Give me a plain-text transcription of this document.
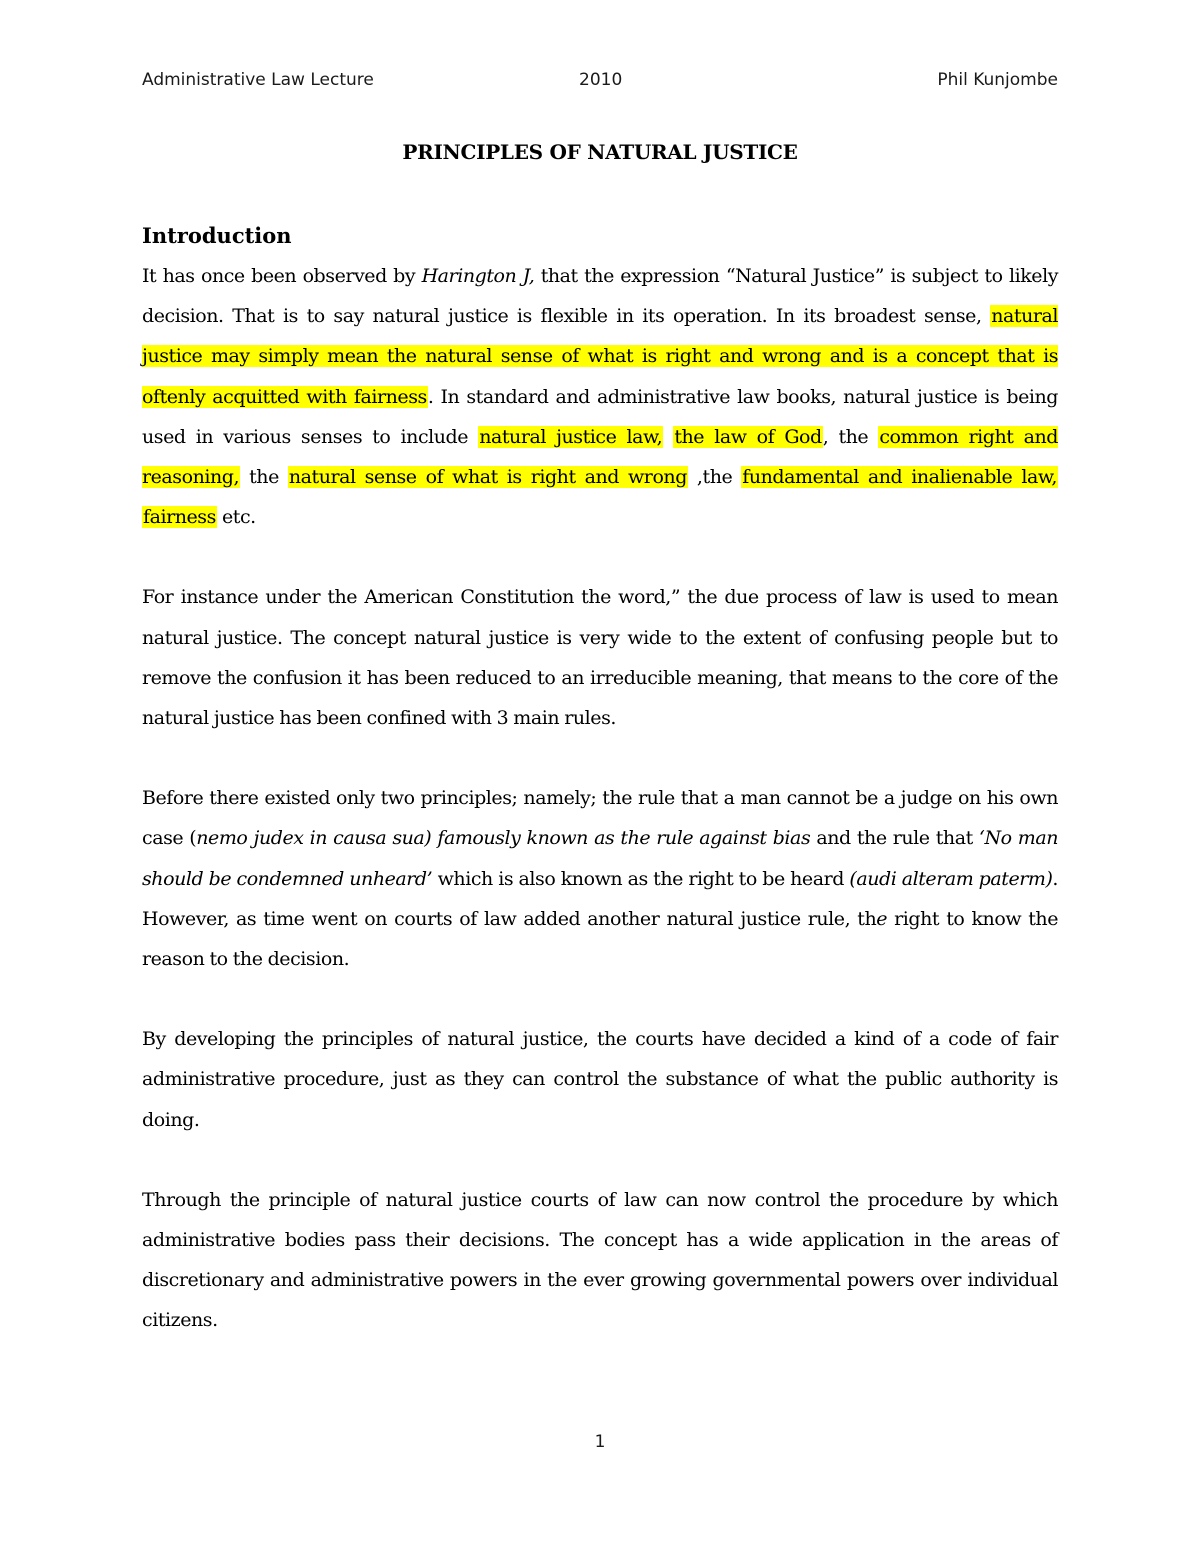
Administrative Law Lecture	2010	Phil Kunjombe
PRINCIPLES OF NATURAL JUSTICE
Introduction

It has once been observed by Harington J, that the expression “Natural Justice” is subject to likely decision. That is to say natural justice is flexible in its operation. In its broadest sense, natural justice may simply mean the natural sense of what is right and wrong and is a concept that is oftenly acquitted with fairness. In standard and administrative law books, natural justice is being used in various senses to include natural justice law, the law of God, the common right and reasoning, the natural sense of what is right and wrong ,the fundamental and inalienable law, fairness etc.

For instance under the American Constitution the word,” the due process of law is used to mean natural justice. The concept natural justice is very wide to the extent of confusing people but to remove the confusion it has been reduced to an irreducible meaning, that means to the core of the natural justice has been confined with 3 main rules.

Before there existed only two principles; namely; the rule that a man cannot be a judge on his own case (nemo judex in causa sua) famously known as the rule against bias and the rule that ‘No man should be condemned unheard’ which is also known as the right to be heard (audi alteram paterm). However, as time went on courts of law added another natural justice rule, the right to know the reason to the decision.

By developing the principles of natural justice, the courts have decided a kind of a code of fair administrative procedure, just as they can control the substance of what the public authority is doing.

Through the principle of natural justice courts of law can now control the procedure by which administrative bodies pass their decisions. The concept has a wide application in the areas of discretionary and administrative powers in the ever growing governmental powers over individual citizens.

1
